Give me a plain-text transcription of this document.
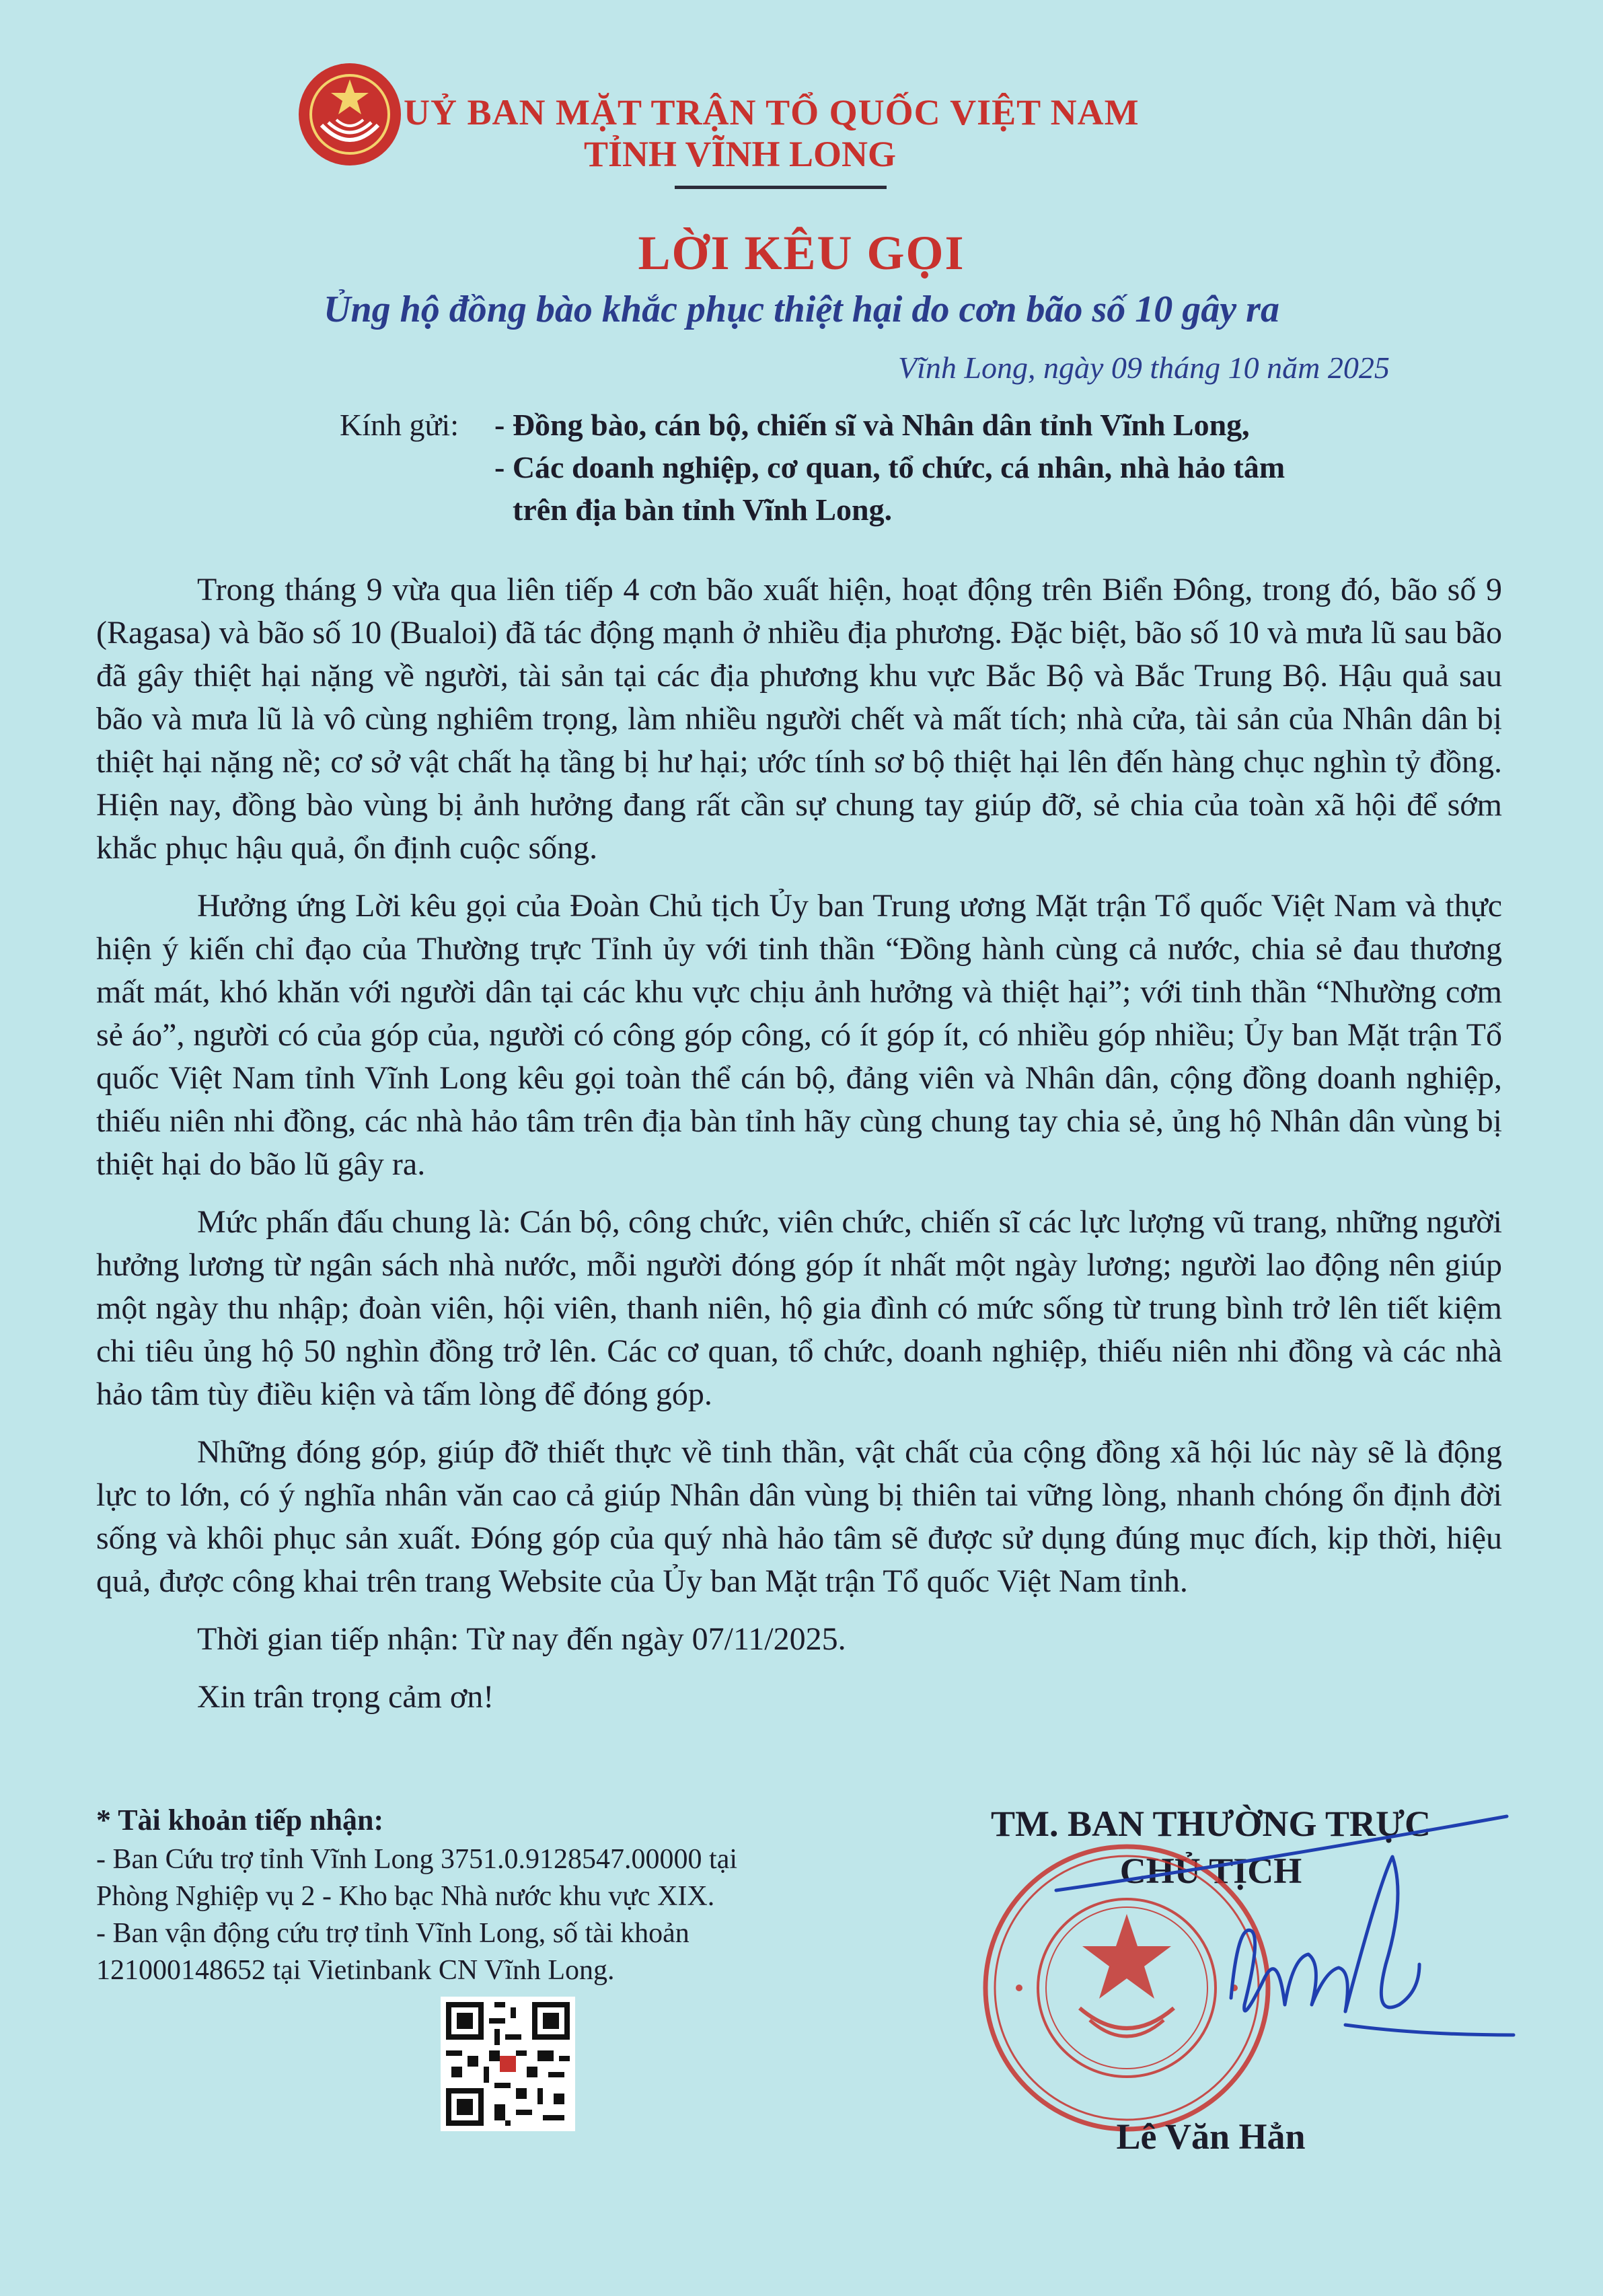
UỶ BAN MẶT TRẬN TỔ QUỐC VIỆT NAM
TỈNH VĨNH LONG
LỜI KÊU GỌI
Ủng hộ đồng bào khắc phục thiệt hại do cơn bão số 10 gây ra
Vĩnh Long, ngày 09 tháng 10 năm 2025
Kính gửi: - Đồng bào, cán bộ, chiến sĩ và Nhân dân tỉnh Vĩnh Long,
- Các doanh nghiệp, cơ quan, tổ chức, cá nhân, nhà hảo tâm
trên địa bàn tỉnh Vĩnh Long.

Trong tháng 9 vừa qua liên tiếp 4 cơn bão xuất hiện, hoạt động trên Biển Đông, trong đó, bão số 9 (Ragasa) và bão số 10 (Bualoi) đã tác động mạnh ở nhiều địa phương. Đặc biệt, bão số 10 và mưa lũ sau bão đã gây thiệt hại nặng về người, tài sản tại các địa phương khu vực Bắc Bộ và Bắc Trung Bộ. Hậu quả sau bão và mưa lũ là vô cùng nghiêm trọng, làm nhiều người chết và mất tích; nhà cửa, tài sản của Nhân dân bị thiệt hại nặng nề; cơ sở vật chất hạ tầng bị hư hại; ước tính sơ bộ thiệt hại lên đến hàng chục nghìn tỷ đồng. Hiện nay, đồng bào vùng bị ảnh hưởng đang rất cần sự chung tay giúp đỡ, sẻ chia của toàn xã hội để sớm khắc phục hậu quả, ổn định cuộc sống.

Hưởng ứng Lời kêu gọi của Đoàn Chủ tịch Ủy ban Trung ương Mặt trận Tổ quốc Việt Nam và thực hiện ý kiến chỉ đạo của Thường trực Tỉnh ủy với tinh thần “Đồng hành cùng cả nước, chia sẻ đau thương mất mát, khó khăn với người dân tại các khu vực chịu ảnh hưởng và thiệt hại”; với tinh thần “Nhường cơm sẻ áo”, người có của góp của, người có công góp công, có ít góp ít, có nhiều góp nhiều; Ủy ban Mặt trận Tổ quốc Việt Nam tỉnh Vĩnh Long kêu gọi toàn thể cán bộ, đảng viên và Nhân dân, cộng đồng doanh nghiệp, thiếu niên nhi đồng, các nhà hảo tâm trên địa bàn tỉnh hãy cùng chung tay chia sẻ, ủng hộ Nhân dân vùng bị thiệt hại do bão lũ gây ra.

Mức phấn đấu chung là: Cán bộ, công chức, viên chức, chiến sĩ các lực lượng vũ trang, những người hưởng lương từ ngân sách nhà nước, mỗi người đóng góp ít nhất một ngày lương; người lao động nên giúp một ngày thu nhập; đoàn viên, hội viên, thanh niên, hộ gia đình có mức sống từ trung bình trở lên tiết kiệm chi tiêu ủng hộ 50 nghìn đồng trở lên. Các cơ quan, tổ chức, doanh nghiệp, thiếu niên nhi đồng và các nhà hảo tâm tùy điều kiện và tấm lòng để đóng góp.

Những đóng góp, giúp đỡ thiết thực về tinh thần, vật chất của cộng đồng xã hội lúc này sẽ là động lực to lớn, có ý nghĩa nhân văn cao cả giúp Nhân dân vùng bị thiên tai vững lòng, nhanh chóng ổn định đời sống và khôi phục sản xuất. Đóng góp của quý nhà hảo tâm sẽ được sử dụng đúng mục đích, kịp thời, hiệu quả, được công khai trên trang Website của Ủy ban Mặt trận Tổ quốc Việt Nam tỉnh.

Thời gian tiếp nhận: Từ nay đến ngày 07/11/2025.

Xin trân trọng cảm ơn!

* Tài khoản tiếp nhận:
- Ban Cứu trợ tỉnh Vĩnh Long 3751.0.9128547.00000 tại
Phòng Nghiệp vụ 2 - Kho bạc Nhà nước khu vực XIX.
- Ban vận động cứu trợ tỉnh Vĩnh Long, số tài khoản
121000148652 tại Vietinbank CN Vĩnh Long.
TM. BAN THƯỜNG TRỰC
CHỦ TỊCH
Lê Văn Hẳn
